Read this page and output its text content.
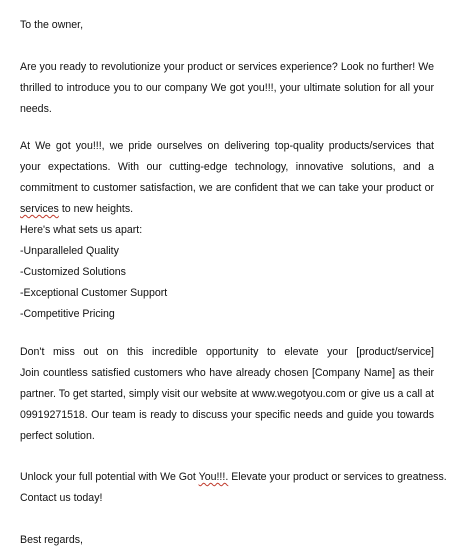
To the owner,

Are you ready to revolutionize your product or services experience? Look no further! We
thrilled to introduce you to our company We got you!!!, your ultimate solution for all your
needs.
At We got you!!!, we pride ourselves on delivering top-quality products/services that
your expectations. With our cutting-edge technology, innovative solutions, and a
commitment to customer satisfaction, we are confident that we can take your product or
services to new heights.
Here's what sets us apart:
-Unparalleled Quality
-Customized Solutions
-Exceptional Customer Support
-Competitive Pricing
Don't miss out on this incredible opportunity to elevate your [product/service]
Join countless satisfied customers who have already chosen [Company Name] as their
partner. To get started, simply visit our website at www.wegotyou.com or give us a call at
09919271518. Our team is ready to discuss your specific needs and guide you towards
perfect solution.
Unlock your full potential with We Got You!!!. Elevate your product or services to greatness.
Contact us today!

Best regards,
